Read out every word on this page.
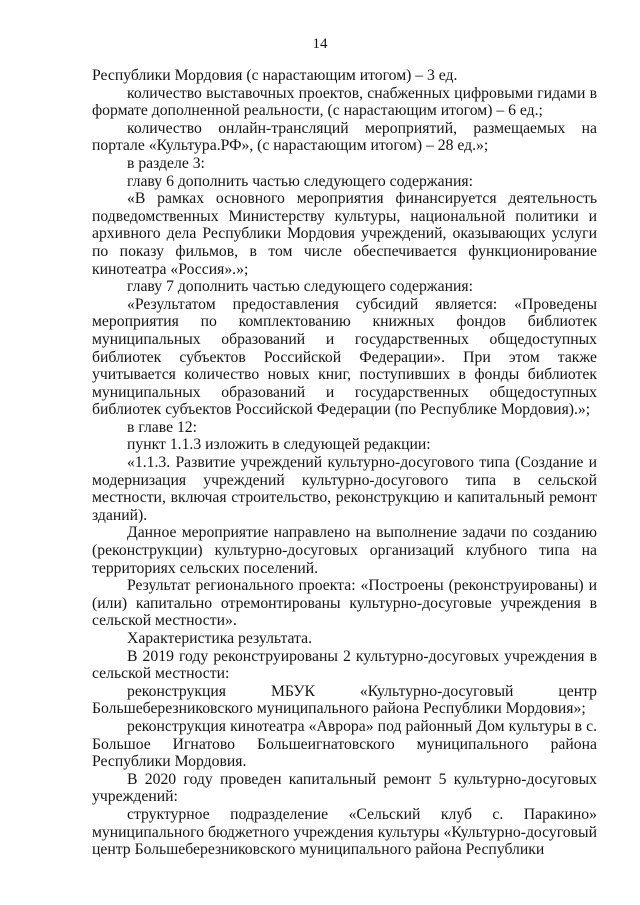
14

Республики Мордовия (с нарастающим итогом) – 3 ед.

количество выставочных проектов, снабженных цифровыми гидами в формате дополненной реальности, (с нарастающим итогом) – 6 ед.;

количество онлайн-трансляций мероприятий, размещаемых на портале «Культура.РФ», (с нарастающим итогом) – 28 ед.»;

в разделе 3:

главу 6 дополнить частью следующего содержания:

«В рамках основного мероприятия финансируется деятельность подведомственных Министерству культуры, национальной политики и архивного дела Республики Мордовия учреждений, оказывающих услуги по показу фильмов, в том числе обеспечивается функционирование кинотеатра «Россия».»;

главу 7 дополнить частью следующего содержания:

«Результатом предоставления субсидий является: «Проведены мероприятия по комплектованию книжных фондов библиотек муниципальных образований и государственных общедоступных библиотек субъектов Российской Федерации». При этом также учитывается количество новых книг, поступивших в фонды библиотек муниципальных образований и государственных общедоступных библиотек субъектов Российской Федерации (по Республике Мордовия).»;

в главе 12:

пункт 1.1.3 изложить в следующей редакции:

«1.1.3. Развитие учреждений культурно-досугового типа (Создание и модернизация учреждений культурно-досугового типа в сельской местности, включая строительство, реконструкцию и капитальный ремонт зданий).

Данное мероприятие направлено на выполнение задачи по созданию (реконструкции) культурно-досуговых организаций клубного типа на территориях сельских поселений.

Результат регионального проекта: «Построены (реконструированы) и (или) капитально отремонтированы культурно-досуговые учреждения в сельской местности».

Характеристика результата.

В 2019 году реконструированы 2 культурно-досуговых учреждения в сельской местности:

реконструкция МБУК «Культурно-досуговый центр Большеберезниковского муниципального района Республики Мордовия»;

реконструкция кинотеатра «Аврора» под районный Дом культуры в с. Большое Игнатово Большеигнатовского муниципального района Республики Мордовия.

В 2020 году проведен капитальный ремонт 5 культурно-досуговых учреждений:

структурное подразделение «Сельский клуб с. Паракино» муниципального бюджетного учреждения культуры «Культурно-досуговый центр Большеберезниковского муниципального района Республики
